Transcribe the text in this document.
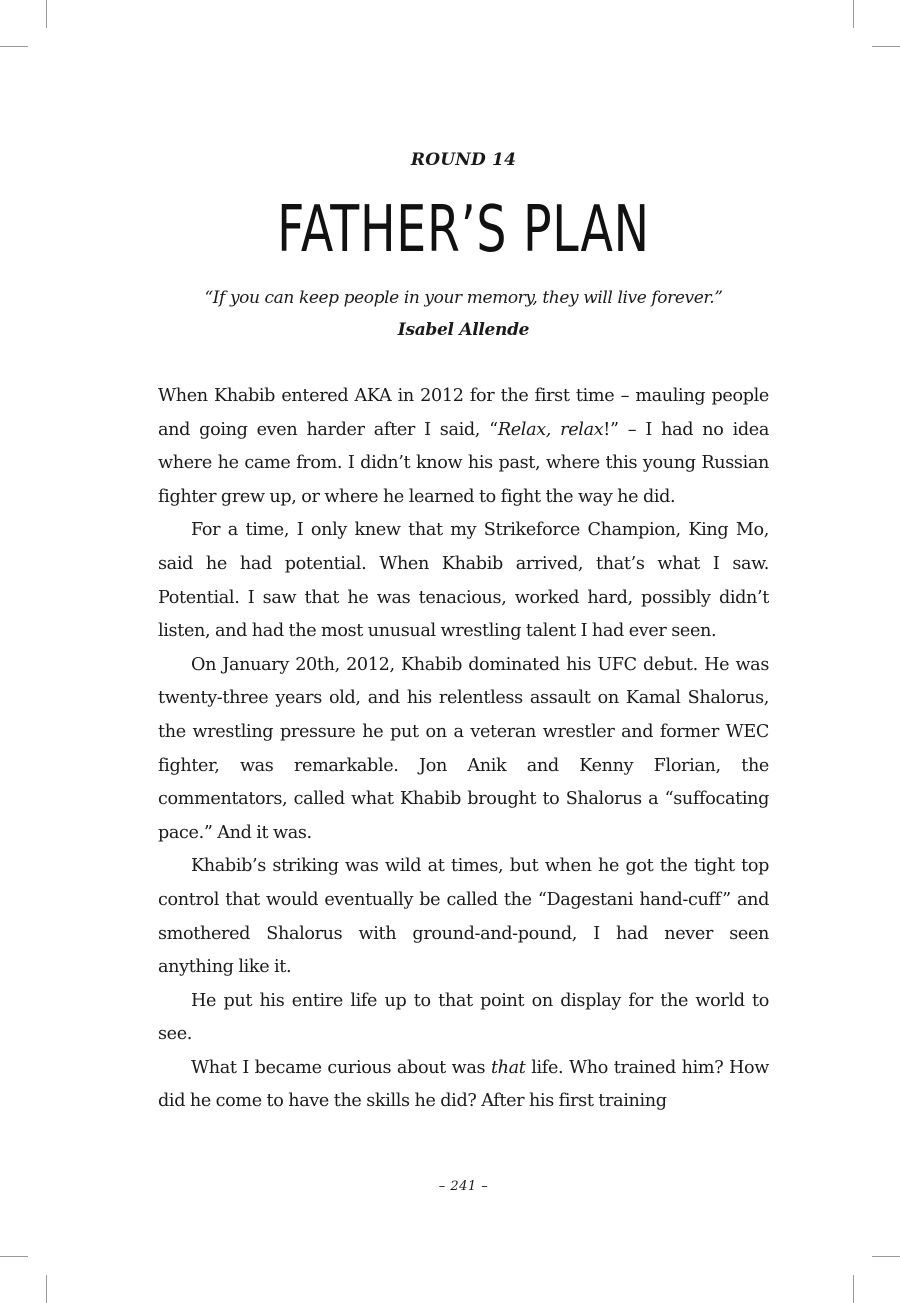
ROUND 14
FATHER’S PLAN
“If you can keep people in your memory, they will live forever.”
Isabel Allende

When Khabib entered AKA in 2012 for the first time – mauling people and going even harder after I said, “Relax, relax!” – I had no idea where he came from. I didn’t know his past, where this young Russian fighter grew up, or where he learned to fight the way he did.

For a time, I only knew that my Strikeforce Champion, King Mo, said he had potential. When Khabib arrived, that’s what I saw. Potential. I saw that he was tenacious, worked hard, possibly didn’t listen, and had the most unusual wrestling talent I had ever seen.

On January 20th, 2012, Khabib dominated his UFC debut. He was twenty-three years old, and his relentless assault on Kamal Shalorus, the wrestling pressure he put on a veteran wrestler and former WEC fighter, was remarkable. Jon Anik and Kenny Florian, the commentators, called what Khabib brought to Shalorus a “suffocating pace.” And it was.

Khabib’s striking was wild at times, but when he got the tight top control that would eventually be called the “Dagestani hand-cuff” and smothered Shalorus with ground-and-pound, I had never seen anything like it.

He put his entire life up to that point on display for the world to see.

What I became curious about was that life. Who trained him? How did he come to have the skills he did? After his first training

– 241 –
